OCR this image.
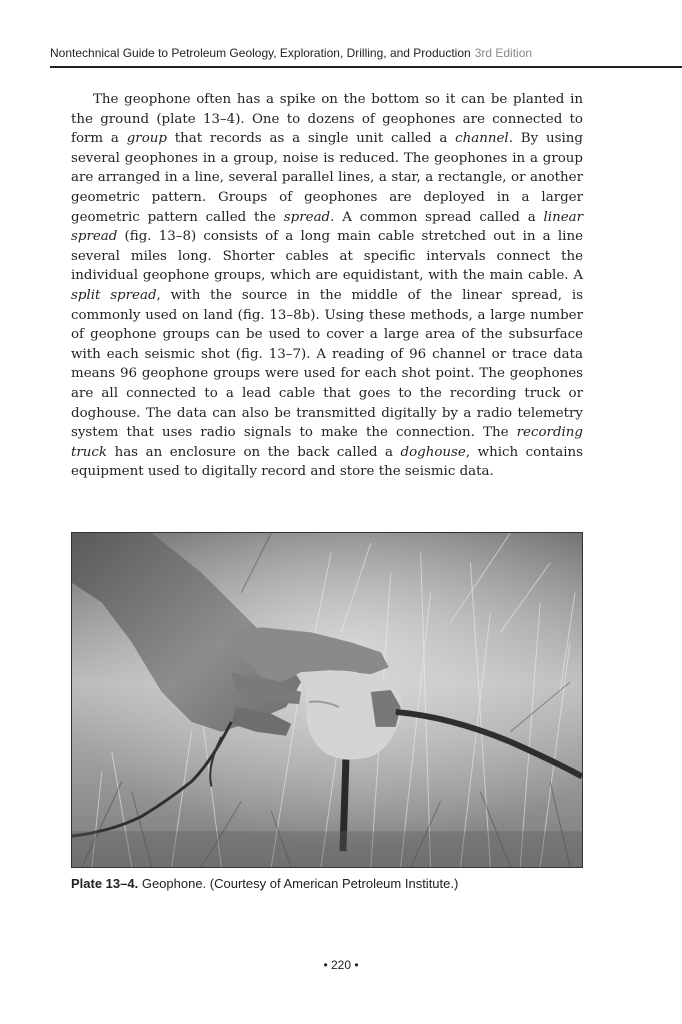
Nontechnical Guide to Petroleum Geology, Exploration, Drilling, and Production 3rd Edition
The geophone often has a spike on the bottom so it can be planted in the ground (plate 13–4). One to dozens of geophones are connected to form a group that records as a single unit called a channel. By using several geophones in a group, noise is reduced. The geophones in a group are arranged in a line, several parallel lines, a star, a rectangle, or another geometric pattern. Groups of geophones are deployed in a larger geometric pattern called the spread. A common spread called a linear spread (fig. 13–8) consists of a long main cable stretched out in a line several miles long. Shorter cables at specific intervals connect the individual geophone groups, which are equidistant, with the main cable. A split spread, with the source in the middle of the linear spread, is commonly used on land (fig. 13–8b). Using these methods, a large number of geophone groups can be used to cover a large area of the subsurface with each seismic shot (fig. 13–7). A reading of 96 channel or trace data means 96 geophone groups were used for each shot point. The geophones are all connected to a lead cable that goes to the recording truck or doghouse. The data can also be transmitted digitally by a radio telemetry system that uses radio signals to make the connection. The recording truck has an enclosure on the back called a doghouse, which contains equipment used to digitally record and store the seismic data.
Plate 13–4. Geophone. (Courtesy of American Petroleum Institute.)
• 220 •
